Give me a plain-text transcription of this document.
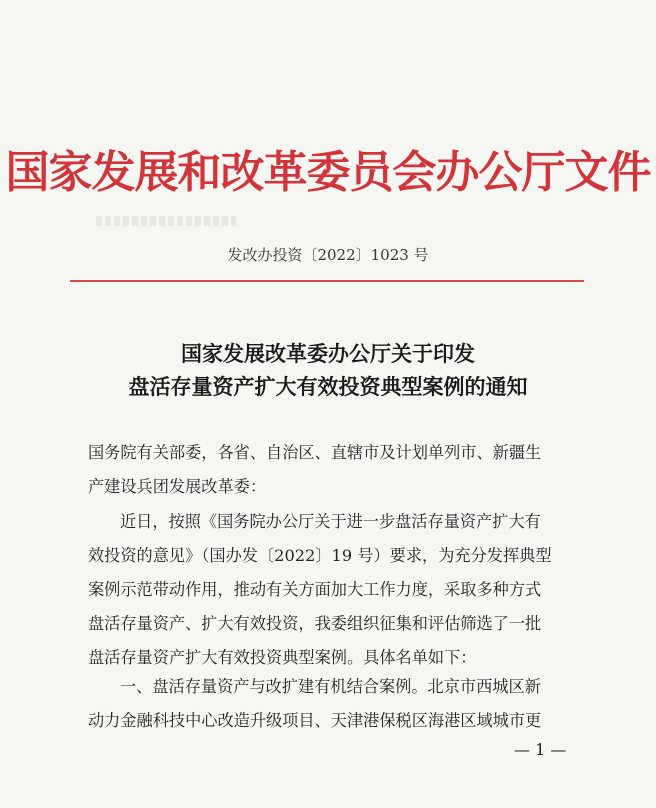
国家发展和改革委员会办公厅文件
发改办投资〔2022〕1023 号
国家发展改革委办公厅关于印发
盘活存量资产扩大有效投资典型案例的通知
国务院有关部委，各省、自治区、直辖市及计划单列市、新疆生
产建设兵团发展改革委：
近日，按照《国务院办公厅关于进一步盘活存量资产扩大有
效投资的意见》（国办发〔2022〕19 号）要求，为充分发挥典型
案例示范带动作用，推动有关方面加大工作力度，采取多种方式
盘活存量资产、扩大有效投资，我委组织征集和评估筛选了一批
盘活存量资产扩大有效投资典型案例。具体名单如下：
一、盘活存量资产与改扩建有机结合案例。北京市西城区新
动力金融科技中心改造升级项目、天津港保税区海港区域城市更
— 1 —
